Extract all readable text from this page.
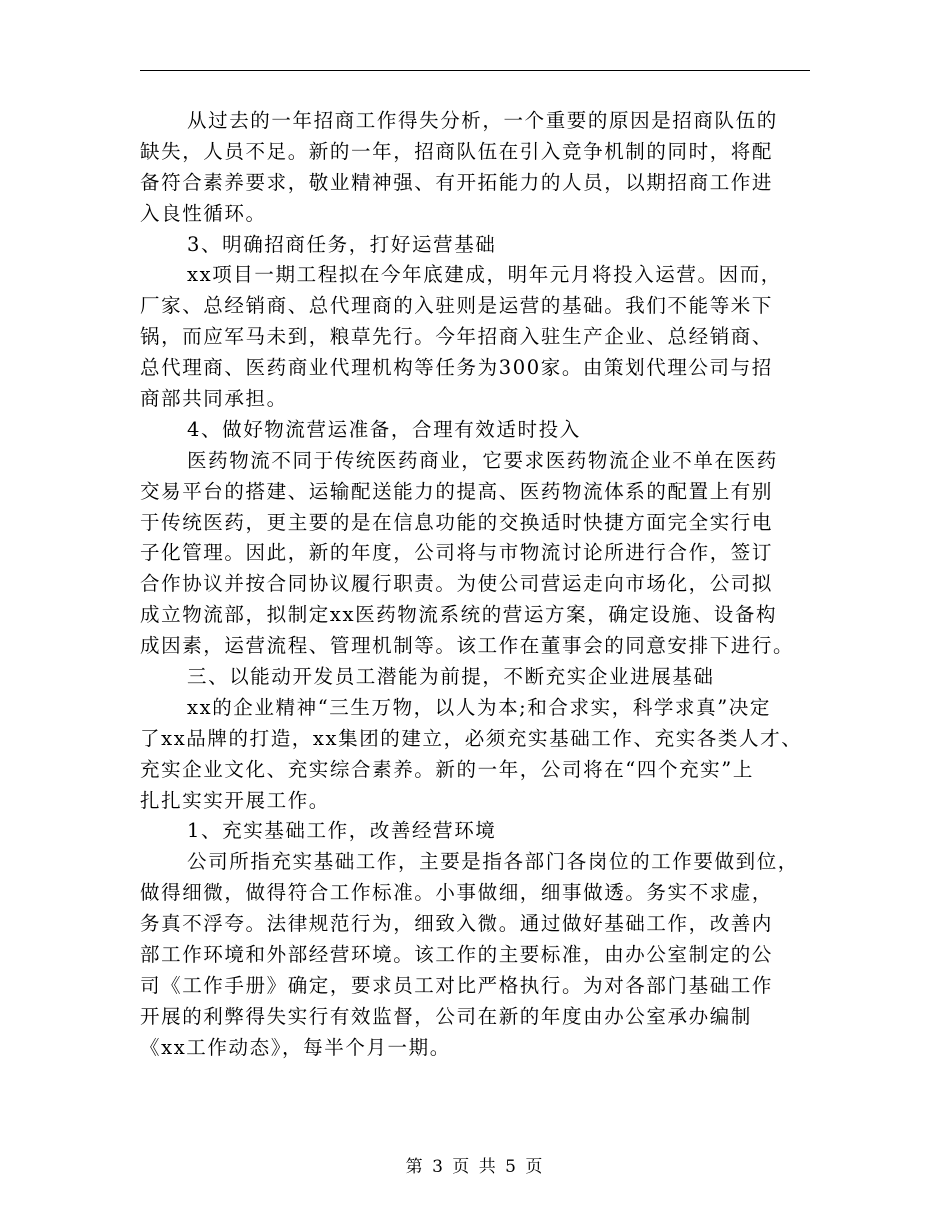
从过去的一年招商工作得失分析，一个重要的原因是招商队伍的
缺失，人员不足。新的一年，招商队伍在引入竞争机制的同时，将配
备符合素养要求，敬业精神强、有开拓能力的人员，以期招商工作进
入良性循环。
3、明确招商任务，打好运营基础
xx项目一期工程拟在今年底建成，明年元月将投入运营。因而，
厂家、总经销商、总代理商的入驻则是运营的基础。我们不能等米下
锅，而应军马未到，粮草先行。今年招商入驻生产企业、总经销商、
总代理商、医药商业代理机构等任务为300家。由策划代理公司与招
商部共同承担。
4、做好物流营运准备，合理有效适时投入
医药物流不同于传统医药商业，它要求医药物流企业不单在医药
交易平台的搭建、运输配送能力的提高、医药物流体系的配置上有别
于传统医药，更主要的是在信息功能的交换适时快捷方面完全实行电
子化管理。因此，新的年度，公司将与市物流讨论所进行合作，签订
合作协议并按合同协议履行职责。为使公司营运走向市场化，公司拟
成立物流部，拟制定xx医药物流系统的营运方案，确定设施、设备构
成因素，运营流程、管理机制等。该工作在董事会的同意安排下进行。
三、以能动开发员工潜能为前提，不断充实企业进展基础
xx的企业精神“三生万物，以人为本;和合求实，科学求真”决定
了xx品牌的打造，xx集团的建立，必须充实基础工作、充实各类人才、
充实企业文化、充实综合素养。新的一年，公司将在“四个充实”上
扎扎实实开展工作。
1、充实基础工作，改善经营环境
公司所指充实基础工作，主要是指各部门各岗位的工作要做到位，
做得细微，做得符合工作标准。小事做细，细事做透。务实不求虚，
务真不浮夸。法律规范行为，细致入微。通过做好基础工作，改善内
部工作环境和外部经营环境。该工作的主要标准，由办公室制定的公
司《工作手册》确定，要求员工对比严格执行。为对各部门基础工作
开展的利弊得失实行有效监督，公司在新的年度由办公室承办编制
《xx工作动态》，每半个月一期。
第 3 页 共 5 页
